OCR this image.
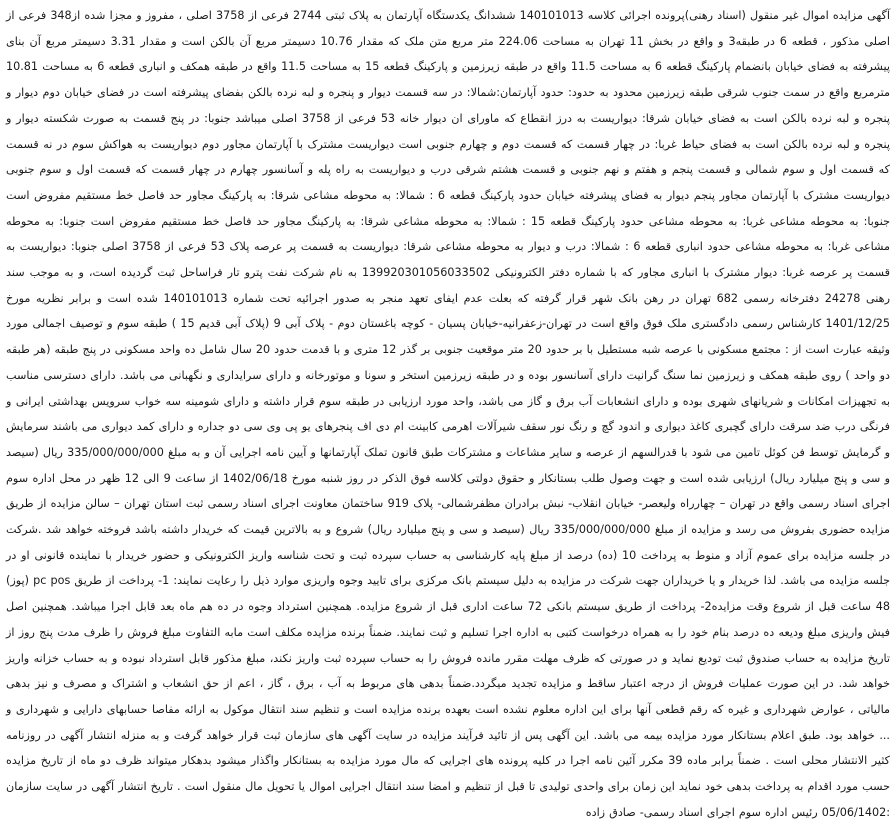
آگهی مزایده اموال غیر منقول (اسناد رهنی)پرونده اجرائی کلاسه 140101013 ششدانگ یکدستگاه آپارتمان به پلاک ثبتی 2744 فرعی از 3758 اصلی ، مفروز و مجزا شده از348 فرعی از اصلی مذکور ، قطعه 6 در طبقه3 و واقع در بخش 11 تهران به مساحت 224.06 متر مربع متن ملک که مقدار 10.76 دسیمتر مربع آن بالکن است و مقدار 3.31 دسیمتر مربع آن بنای پیشرفته به فضای خیابان بانضمام پارکینگ قطعه 6 به مساحت 11.5 واقع در طبقه زیرزمین و پارکینگ قطعه 15 به مساحت 11.5 واقع در طبقه همکف و انباری قطعه 6 به مساحت 10.81 مترمربع واقع در سمت جنوب شرقی طبقه زیرزمین محدود به حدود: حدود آپارتمان:شمالا: در سه قسمت دیوار و پنجره و لبه نرده بالکن بفضای پیشرفته است در فضای خیابان دوم دیوار و پنجره و لبه نرده بالکن است به فضای خیابان شرقا: دیواریست به درز انقطاع که ماورای ان دیوار خانه 53 فرعی از 3758 اصلی میباشد جنوبا: در پنج قسمت به صورت شکسته دیوار و پنجره و لبه نرده بالکن است به فضای حیاط غربا: در چهار قسمت که قسمت دوم و چهارم جنوبی است دیواریست مشترک با آپارتمان مجاور دوم دیواریست به هواکش سوم در نه قسمت که قسمت اول و سوم شمالی و قسمت پنجم و هفتم و نهم جنوبی و قسمت هشتم شرقی درب و دیواریست به راه پله و آسانسور چهارم در چهار قسمت که قسمت اول و سوم جنوبی دیواریست مشترک با آپارتمان مجاور پنجم دیوار به فضای پیشرفته خیابان حدود پارکینگ قطعه 6 : شمالا: به محوطه مشاعی شرقا: به پارکینگ مجاور حد فاصل خط مستقیم مفروض است جنوبا: به محوطه مشاعی غربا: به محوطه مشاعی حدود پارکینگ قطعه 15 : شمالا: به محوطه مشاعی شرقا: به پارکینگ مجاور حد فاصل خط مستقیم مفروض است جنوبا: به محوطه مشاعی غربا: به محوطه مشاعی حدود انباری قطعه 6 : شمالا: درب و دیوار به محوطه مشاعی شرقا: دیواریست به قسمت پر عرصه پلاک 53 فرعی از 3758 اصلی جنوبا: دیواریست به قسمت پر عرصه غربا: دیوار مشترک با انباری مجاور که با شماره دفتر الکترونیکی 139920301056033502 به نام شرکت نفت پترو تار فراساحل ثبت گردیده است، و به موجب سند رهنی 24278 دفترخانه رسمی 682 تهران در رهن بانک شهر قرار گرفته که بعلت عدم ایفای تعهد منجر به صدور اجرائیه تحت شماره 140101013 شده است و برابر نظریه مورخ 1401/12/25 کارشناس رسمی دادگستری ملک فوق واقع است در تهران-زعفرانیه-خیابان پسیان - کوچه باغستان دوم - پلاک آبی 9 (پلاک آبی قدیم 15 ) طبقه سوم و توصیف اجمالی مورد وثیقه عبارت است از : مجتمع مسکونی با عرصه شبه مستطیل با بر حدود 20 متر موقعیت جنوبی بر گذر 12 متری و با قدمت حدود 20 سال شامل ده واحد مسکونی در پنج طبقه (هر طبقه دو واحد ) روی طبقه همکف و زیرزمین نما سنگ گرانیت دارای آسانسور بوده و در طبقه زیرزمین استخر و سونا و موتورخانه و دارای سرایداری و نگهبانی می باشد. دارای دسترسی مناسب به تجهیزات امکانات و شریانهای شهری بوده و دارای انشعابات آب برق و گاز می باشد، واحد مورد ارزیابی در طبقه سوم قرار داشته و دارای شومینه سه خواب سرویس بهداشتی ایرانی و فرنگی درب ضد سرقت دارای گچبری کاغذ دیواری و اندود گچ و رنگ نور سقف شیرآلات اهرمی کابینت ام دی اف پنجرهای یو پی وی سی دو جداره و دارای کمد دیواری می باشند سرمایش و گرمایش توسط فن کوئل تامین می شود با قدرالسهم از عرصه و سایر مشاعات و مشترکات طبق قانون تملک آپارتمانها و آیین نامه اجرایی آن و به مبلغ 335/000/000/000 ریال (سیصد و سی و پنج میلیارد ریال) ارزیابی شده است و جهت وصول طلب بستانکار و حقوق دولتی کلاسه فوق الذکر در روز شنبه مورخ 1402/06/18 از ساعت 9 الی 12 ظهر در محل اداره سوم اجرای اسناد رسمی واقع در تهران – چهارراه ولیعصر- خیابان انقلاب- نبش برادران مظفرشمالی- پلاک 919 ساختمان معاونت اجرای اسناد رسمی ثبت استان تهران – سالن مزایده از طریق مزایده حضوری بفروش می رسد و مزایده از مبلغ 335/000/000/000 ریال (سیصد و سی و پنج میلیارد ریال) شروع و به بالاترین قیمت که خریدار داشته باشد فروخته خواهد شد .شرکت در جلسه مزایده برای عموم آزاد و منوط به پرداخت 10 (ده) درصد از مبلغ پایه کارشناسی به حساب سپرده ثبت و تحت شناسه واریز الکترونیکی و حضور خریدار با نماینده قانونی او در جلسه مزایده می باشد. لذا خریدار و یا خریداران جهت شرکت در مزایده به دلیل سیستم بانک مرکزی برای تایید وجوه واریزی موارد ذیل را رعایت نمایند: 1- پرداخت از طریق pc pos (پوز) 48 ساعت قبل از شروع وقت مزایده2- پرداخت از طریق سیستم بانکی 72 ساعت اداری قبل از شروع مزایده. همچنین استرداد وجوه در ده هم ماه بعد قابل اجرا میباشد. همچنین اصل فیش واریزی مبلغ ودیعه ده درصد بنام خود را به همراه درخواست کتبی به اداره اجرا تسلیم و ثبت نمایند. ضمناً برنده مزایده مکلف است مابه التفاوت مبلغ فروش را ظرف مدت پنج روز از تاریخ مزایده به حساب صندوق ثبت تودیع نماید و در صورتی که ظرف مهلت مقرر مانده فروش را به حساب سپرده ثبت واریز نکند، مبلغ مذکور قابل استرداد نبوده و به حساب خزانه واریز خواهد شد. در این صورت عملیات فروش از درجه اعتبار ساقط و مزایده تجدید میگردد.ضمناً بدهی های مربوط به آب ، برق ، گاز ، اعم از حق انشعاب و اشتراک و مصرف و نیز بدهی مالیاتی ، عوارض شهرداری و غیره که رقم قطعی آنها برای این اداره معلوم نشده است بعهده برنده مزایده است و تنظیم سند انتقال موکول به ارائه مفاصا حسابهای دارایی و شهرداری و ... خواهد بود. طبق اعلام بستانکار مورد مزایده بیمه می باشد. این آگهی پس از تائید فرآیند مزایده در سایت آگهی های سازمان ثبت قرار خواهد گرفت و به منزله انتشار آگهی در روزنامه کثیر الانتشار محلی است . ضمناً برابر ماده 39 مکرر آئین نامه اجرا در کلیه پرونده های اجرایی که مال مورد مزایده به بستانکار واگذار میشود بدهکار میتواند ظرف دو ماه از تاریخ مزایده حسب مورد اقدام به پرداخت بدهی خود نماید این زمان برای واحدی تولیدی تا قبل از تنظیم و امضا سند انتقال اجرایی اموال یا تحویل مال منقول است . تاریخ انتشار آگهی در سایت سازمان :05/06/1402 رئیس اداره سوم اجرای اسناد رسمی- صادق زاده
